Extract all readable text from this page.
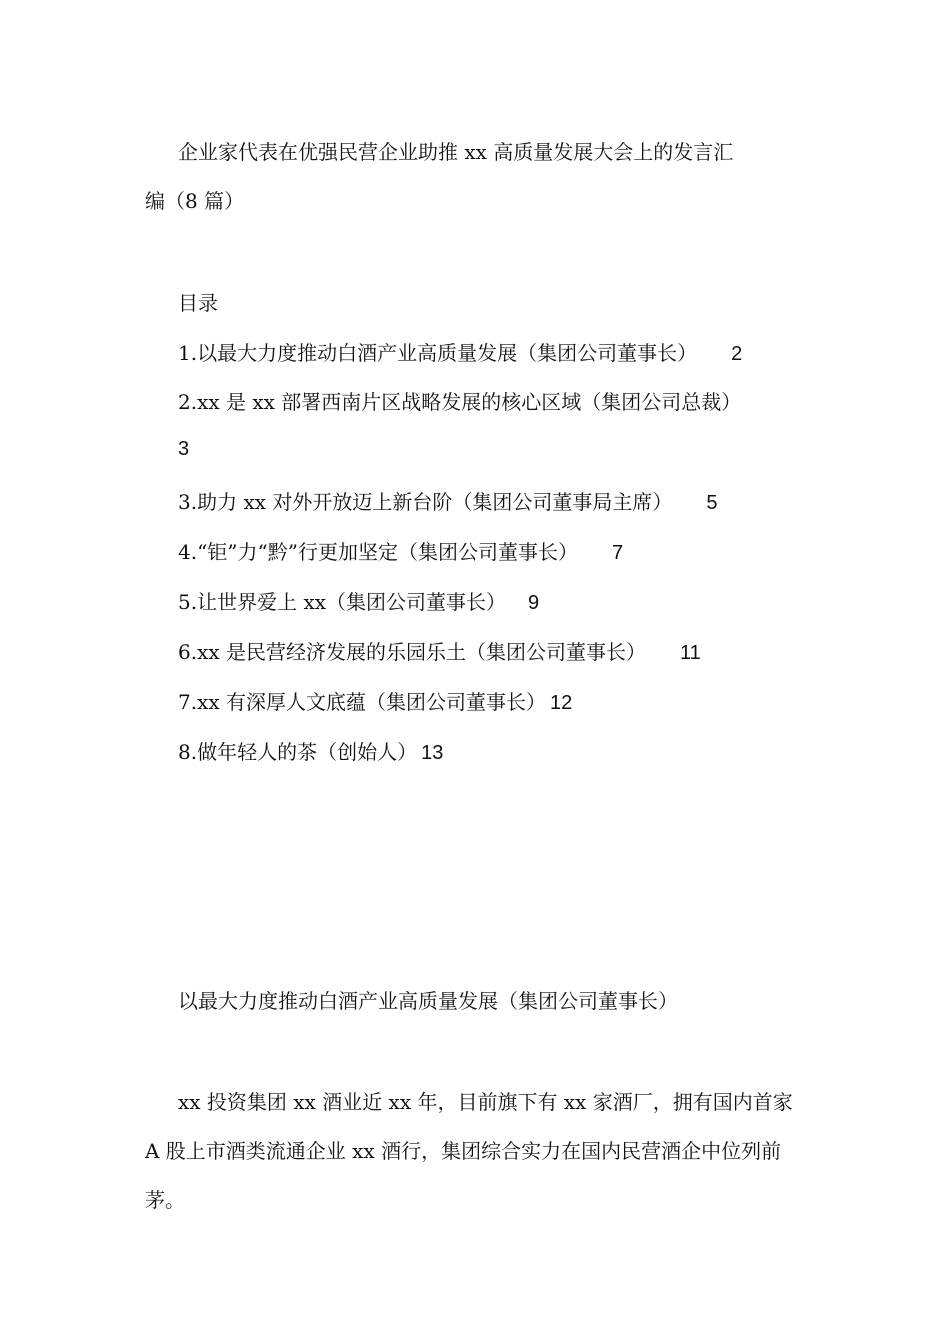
企业家代表在优强民营企业助推 xx 高质量发展大会上的发言汇
编（8 篇）
目录
1.以最大力度推动白酒产业高质量发展（集团公司董事长） 2
2.xx 是 xx 部署西南片区战略发展的核心区域（集团公司总裁）
3
3.助力 xx 对外开放迈上新台阶（集团公司董事局主席） 5
4.“钜”力“黔”行更加坚定（集团公司董事长） 7
5.让世界爱上 xx（集团公司董事长） 9
6.xx 是民营经济发展的乐园乐土（集团公司董事长） 11
7.xx 有深厚人文底蕴（集团公司董事长） 12
8.做年轻人的茶（创始人） 13
以最大力度推动白酒产业高质量发展（集团公司董事长）
xx 投资集团 xx 酒业近 xx 年，目前旗下有 xx 家酒厂，拥有国内首家 A 股上市酒类流通企业 xx 酒行，集团综合实力在国内民营酒企中位列前茅。
